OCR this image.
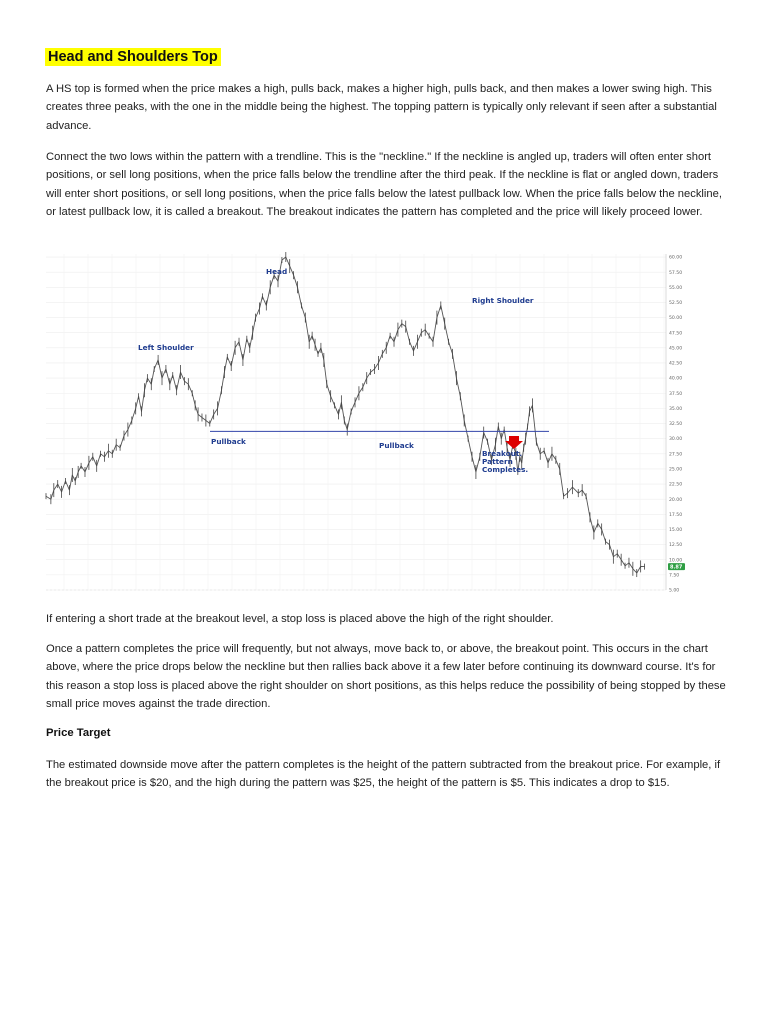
Head and Shoulders Top

A HS top is formed when the price makes a high, pulls back, makes a higher high, pulls back, and then makes a lower swing high. This creates three peaks, with the one in the middle being the highest. The topping pattern is typically only relevant if seen after a substantial advance.

Connect the two lows within the pattern with a trendline. This is the "neckline." If the neckline is angled up, traders will often enter short positions, or sell long positions, when the price falls below the trendline after the third peak. If the neckline is flat or angled down, traders will enter short positions, or sell long positions, when the price falls below the latest pullback low. When the price falls below the neckline, or latest pullback low, it is called a breakout. The breakout indicates the pattern has completed and the price will likely proceed lower.

60.00
57.50
55.00
52.50
50.00
47.50
45.00
42.50
40.00
37.50
35.00
32.50
30.00
27.50
25.00
22.50
20.00
17.50
15.00
12.50
10.00
7.50
5.00
Head
Left Shoulder
Right Shoulder
Pullback	Pullback
Breakout.
Pattern
Completes.
8.87

If entering a short trade at the breakout level, a stop loss is placed above the high of the right shoulder.

Once a pattern completes the price will frequently, but not always, move back to, or above, the breakout point. This occurs in the chart above, where the price drops below the neckline but then rallies back above it a few later before continuing its downward course. It's for this reason a stop loss is placed above the right shoulder on short positions, as this helps reduce the possibility of being stopped by these small price moves against the trade direction.

Price Target

The estimated downside move after the pattern completes is the height of the pattern subtracted from the breakout price. For example, if the breakout price is $20, and the high during the pattern was $25, the height of the pattern is $5. This indicates a drop to $15.
